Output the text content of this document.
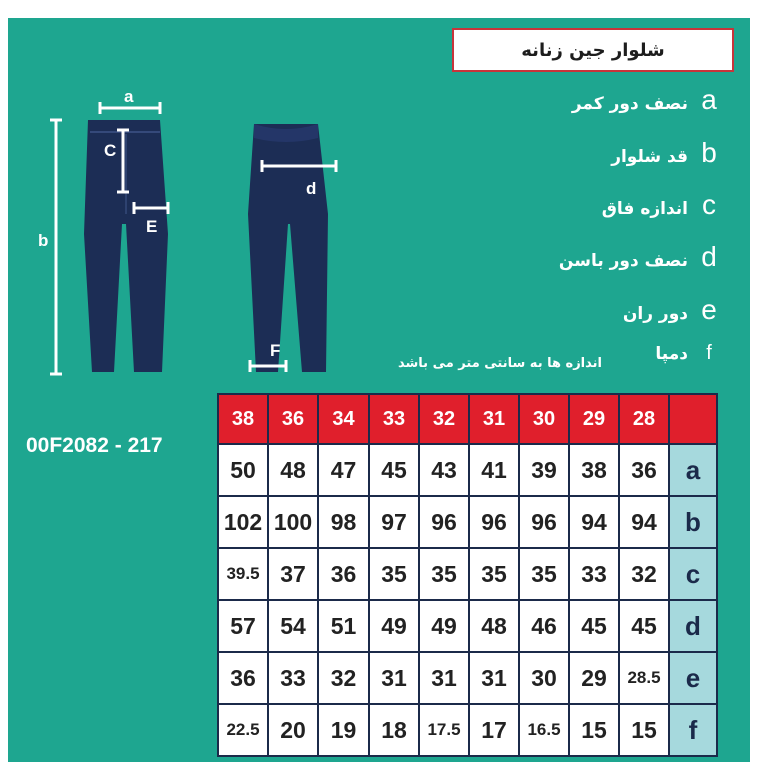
شلوار جین زنانه
a
نصف دور کمر
b
قد شلوار
c
اندازه فاق
d
نصف دور باسن
e
دور ران
f
دمپا
اندازه ها به سانتی متر می باشد
00F2082 - 217
a
b
C
E
d
F
38	36	34	33	32	31	30	29	28	
50	48	47	45	43	41	39	38	36	a
102	100	98	97	96	96	96	94	94	b
39.5	37	36	35	35	35	35	33	32	c
57	54	51	49	49	48	46	45	45	d
36	33	32	31	31	31	30	29	28.5	e
22.5	20	19	18	17.5	17	16.5	15	15	f
